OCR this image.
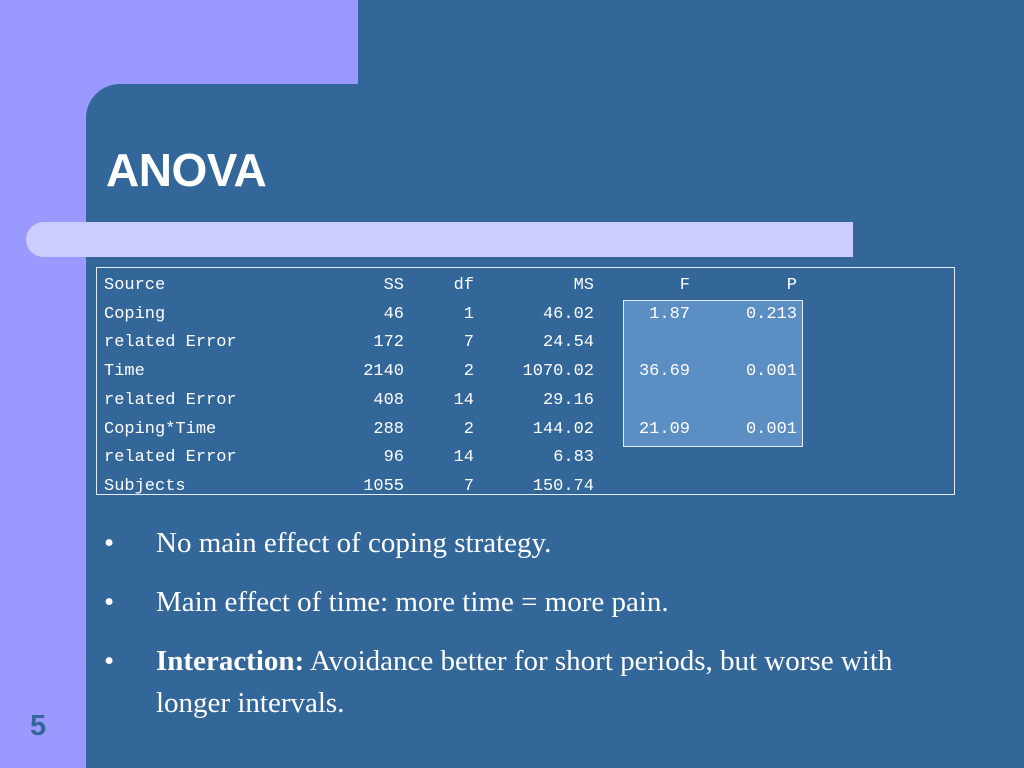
ANOVA
Source	SS	df	MS	F	P
Coping	46	1	46.02	1.87	0.213
related Error	172	7	24.54		
Time	2140	2	1070.02	36.69	0.001
related Error	408	14	29.16		
Coping*Time	288	2	144.02	21.09	0.001
related Error	96	14	6.83		
Subjects	1055	7	150.74		
• No main effect of coping strategy.
• Main effect of time: more time = more pain.
• Interaction: Avoidance better for short periods, but worse with longer intervals.
5
